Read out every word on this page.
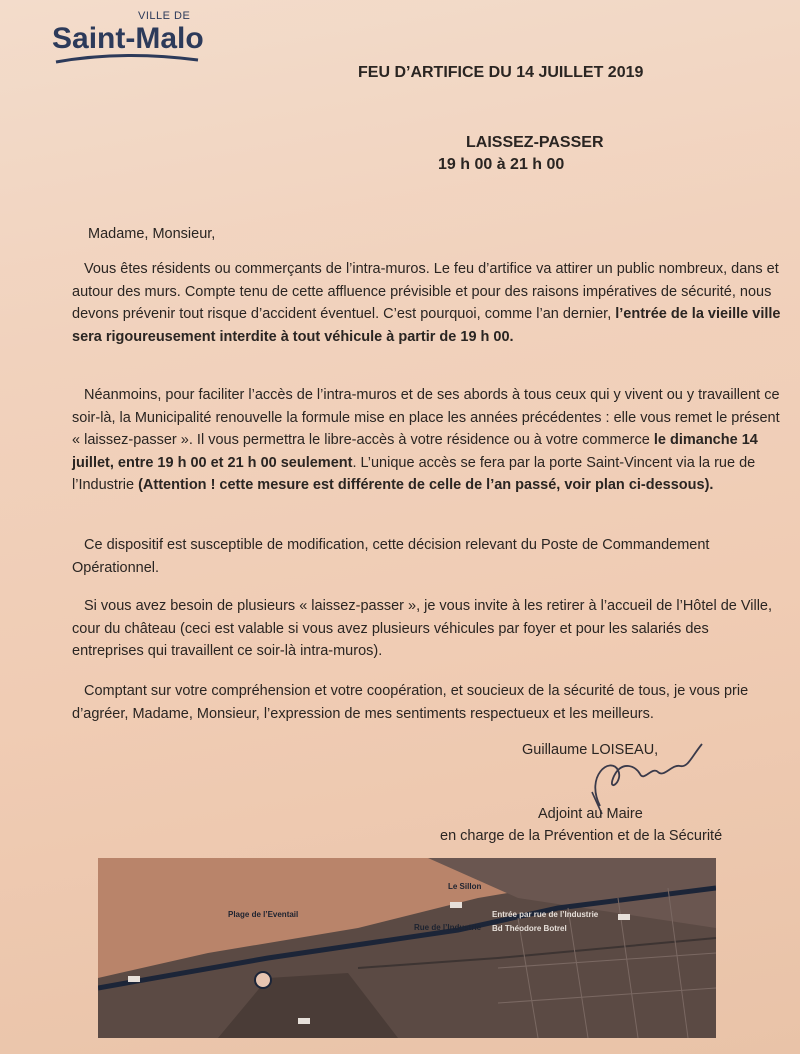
VILLE DE
Saint-Malo
FEU D’ARTIFICE DU 14 JUILLET 2019
LAISSEZ-PASSER
19 h 00 à 21 h 00
Madame, Monsieur,

Vous êtes résidents ou commerçants de l’intra-muros. Le feu d’artifice va attirer un public nombreux, dans et autour des murs. Compte tenu de cette affluence prévisible et pour des raisons impératives de sécurité, nous devons prévenir tout risque d’accident éventuel. C’est pourquoi, comme l’an dernier, l’entrée de la vieille ville sera rigoureusement interdite à tout véhicule à partir de 19 h 00.

Néanmoins, pour faciliter l’accès de l’intra-muros et de ses abords à tous ceux qui y vivent ou y travaillent ce soir-là, la Municipalité renouvelle la formule mise en place les années précédentes : elle vous remet le présent « laissez-passer ». Il vous permettra le libre-accès à votre résidence ou à votre commerce le dimanche 14 juillet, entre 19 h 00 et 21 h 00 seulement. L’unique accès se fera par la porte Saint-Vincent via la rue de l’Industrie (Attention ! cette mesure est différente de celle de l’an passé, voir plan ci-dessous).

Ce dispositif est susceptible de modification, cette décision relevant du Poste de Commandement Opérationnel.

Si vous avez besoin de plusieurs « laissez-passer », je vous invite à les retirer à l’accueil de l’Hôtel de Ville, cour du château (ceci est valable si vous avez plusieurs véhicules par foyer et pour les salariés des entreprises qui travaillent ce soir-là intra-muros).

Comptant sur votre compréhension et votre coopération, et soucieux de la sécurité de tous, je vous prie d’agréer, Madame, Monsieur, l’expression de mes sentiments respectueux et les meilleurs.

Guillaume LOISEAU,
Adjoint au Maire
en charge de la Prévention et de la Sécurité
Le Sillon
Plage de l’Eventail
Rue de l’Industrie
Entrée par rue de l’Industrie
Bd Théodore Botrel
